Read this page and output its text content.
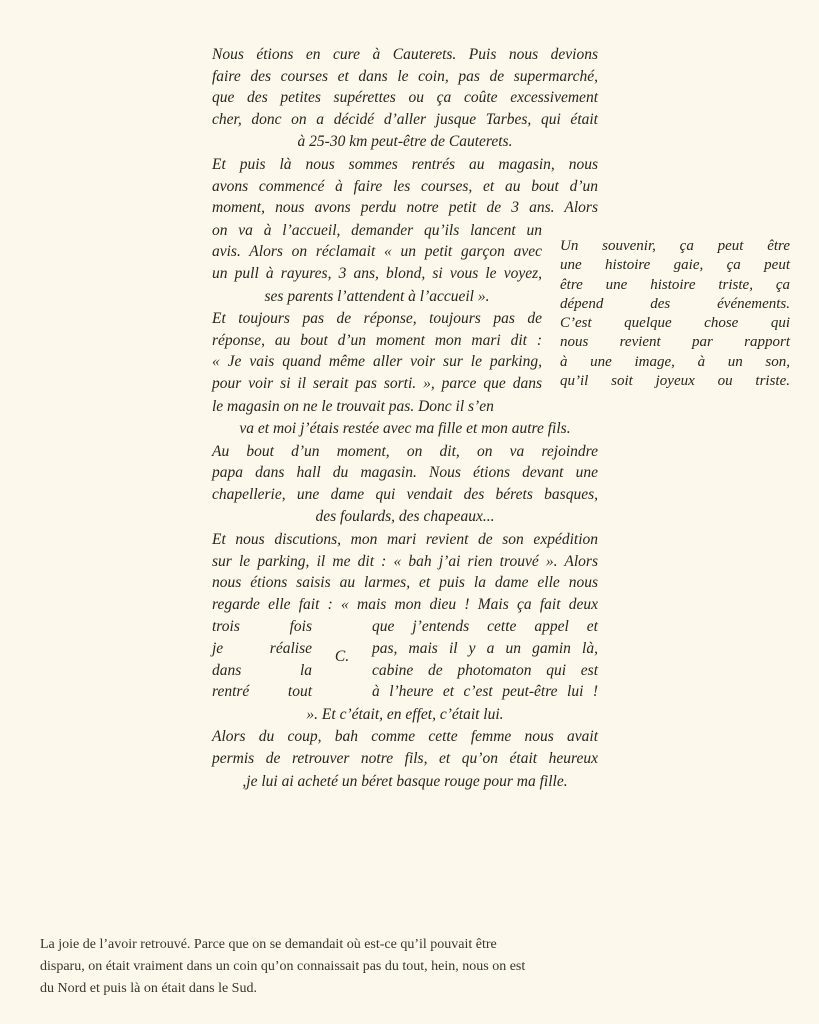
Nous étions en cure à Cauterets. Puis nous devions
faire des courses et dans le coin, pas de supermarché,
que des petites supérettes ou ça coûte excessivement
cher, donc on a décidé d’aller jusque Tarbes, qui était
à 25-30 km peut-être de Cauterets.
Et puis là nous sommes rentrés au magasin, nous
avons commencé à faire les courses, et au bout d’un
moment, nous avons perdu notre petit de 3 ans. Alors
on va à l’accueil, demander qu’ils lancent un
avis. Alors on réclamait « un petit garçon avec
un pull à rayures, 3 ans, blond, si vous le voyez,
ses parents l’attendent à l’accueil ».
Et toujours pas de réponse, toujours pas de
réponse, au bout d’un moment mon mari dit :
« Je vais quand même aller voir sur le parking,
pour voir si il serait pas sorti. », parce que dans
le magasin on ne le trouvait pas. Donc il s’en
va et moi j’étais restée avec ma fille et mon autre fils.
Au bout d’un moment, on dit, on va rejoindre
papa dans hall du magasin. Nous étions devant une
chapellerie, une dame qui vendait des bérets basques,
des foulards, des chapeaux...
Et nous discutions, mon mari revient de son expédition
sur le parking, il me dit : « bah j’ai rien trouvé ». Alors
nous étions saisis au larmes, et puis la dame elle nous
regarde elle fait : « mais mon dieu ! Mais ça fait deux
trois fois
je réalise
dans la
rentré tout
C.
que j’entends cette appel et
pas, mais il y a un gamin là,
cabine de photomaton qui est
à l’heure et c’est peut-être lui !
». Et c’était, en effet, c’était lui.
Alors du coup, bah comme cette femme nous avait
permis de retrouver notre fils, et qu’on était heureux
,je lui ai acheté un béret basque rouge pour ma fille.
Un souvenir, ça peut être
une histoire gaie, ça peut
être une histoire triste, ça
dépend des événements.
C’est quelque chose qui
nous revient par rapport
à une image, à un son,
qu’il soit joyeux ou triste.
La joie de l’avoir retrouvé. Parce que on se demandait où est-ce qu’il pouvait être
disparu, on était vraiment dans un coin qu’on connaissait pas du tout, hein, nous on est
du Nord et puis là on était dans le Sud.
